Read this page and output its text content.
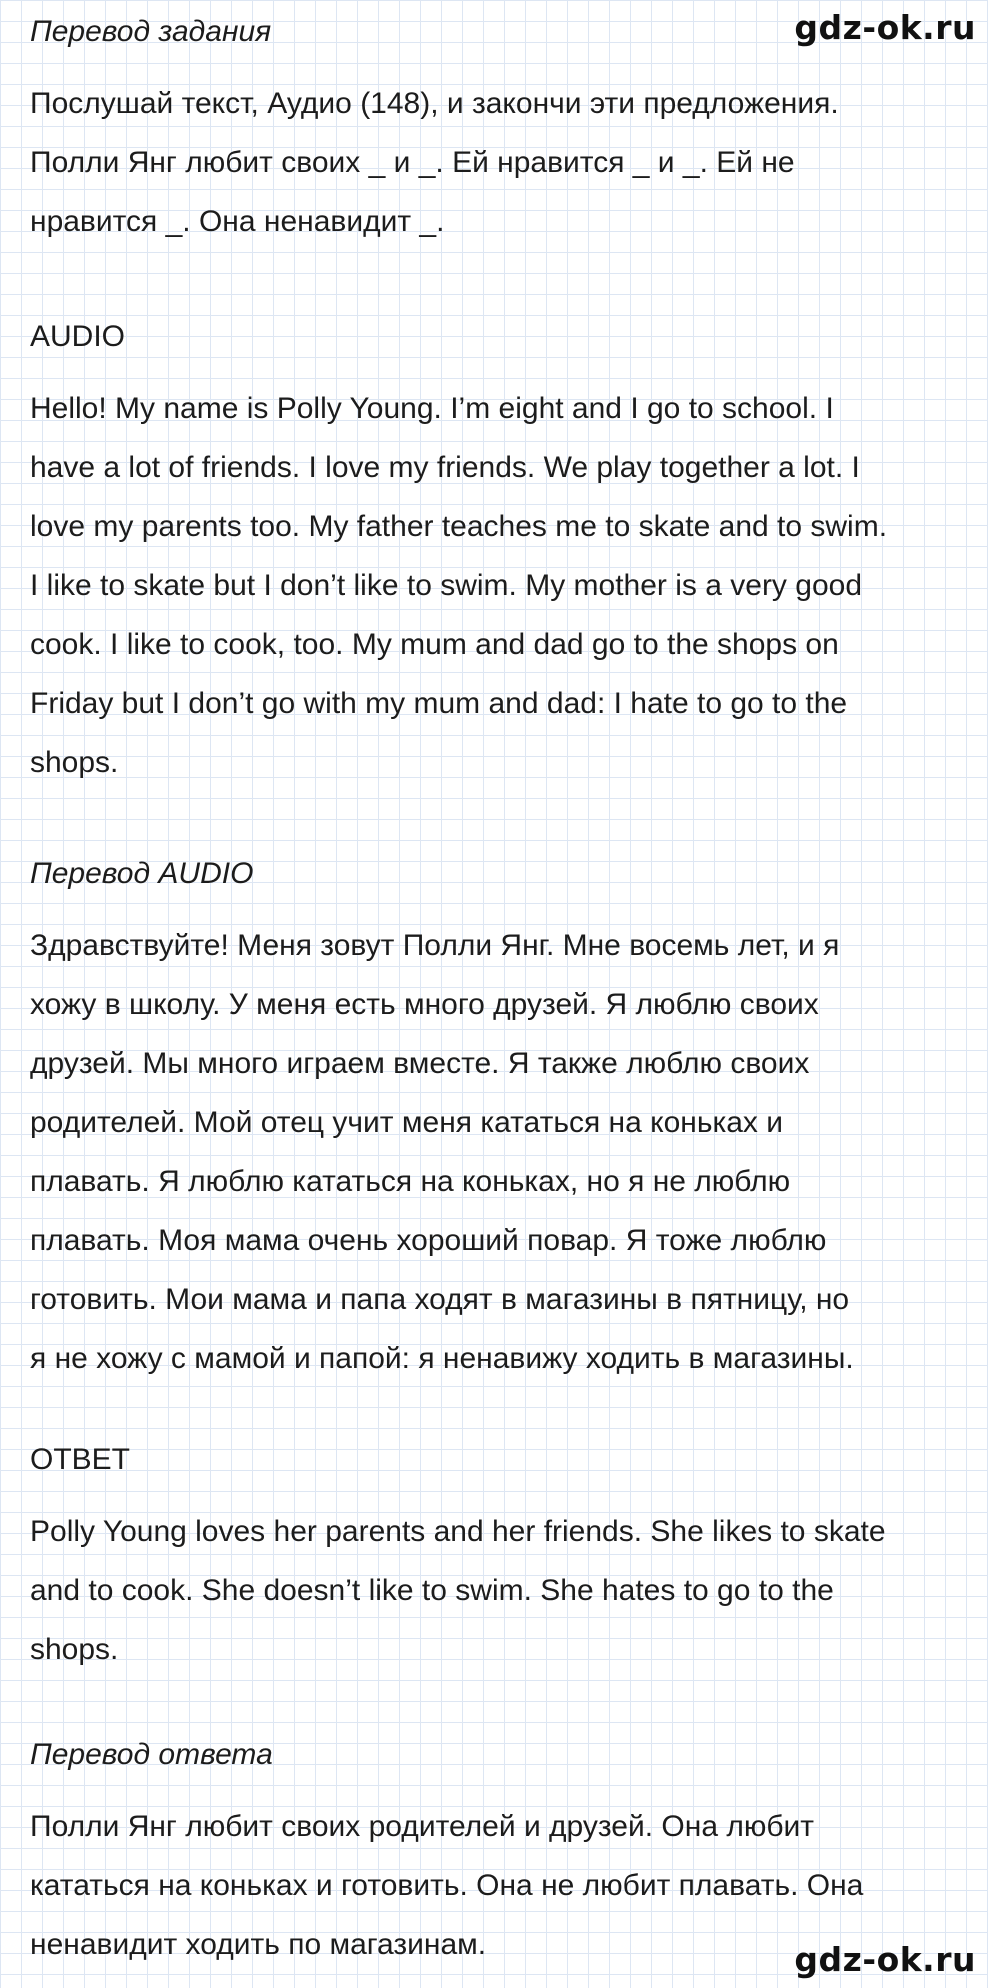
gdz-ok.ru

Перевод задания

Послушай текст, Аудио (148), и закончи эти предложения.

Полли Янг любит своих _ и _. Ей нравится _ и _. Ей не

нравится _. Она ненавидит _.

AUDIO

Hello! My name is Polly Young. I’m eight and I go to school. I

have a lot of friends. I love my friends. We play together a lot. I

love my parents too. My father teaches me to skate and to swim.

I like to skate but I don’t like to swim. My mother is a very good

cook. I like to cook, too. My mum and dad go to the shops on

Friday but I don’t go with my mum and dad: I hate to go to the

shops.

Перевод AUDIO

Здравствуйте! Меня зовут Полли Янг. Мне восемь лет, и я

хожу в школу. У меня есть много друзей. Я люблю своих

друзей. Мы много играем вместе. Я также люблю своих

родителей. Мой отец учит меня кататься на коньках и

плавать. Я люблю кататься на коньках, но я не люблю

плавать. Моя мама очень хороший повар. Я тоже люблю

готовить. Мои мама и папа ходят в магазины в пятницу, но

я не хожу с мамой и папой: я ненавижу ходить в магазины.

ОТВЕТ

Polly Young loves her parents and her friends. She likes to skate

and to cook. She doesn’t like to swim. She hates to go to the

shops.

Перевод ответа

Полли Янг любит своих родителей и друзей. Она любит

кататься на коньках и готовить. Она не любит плавать. Она

ненавидит ходить по магазинам.	gdz-ok.ru
